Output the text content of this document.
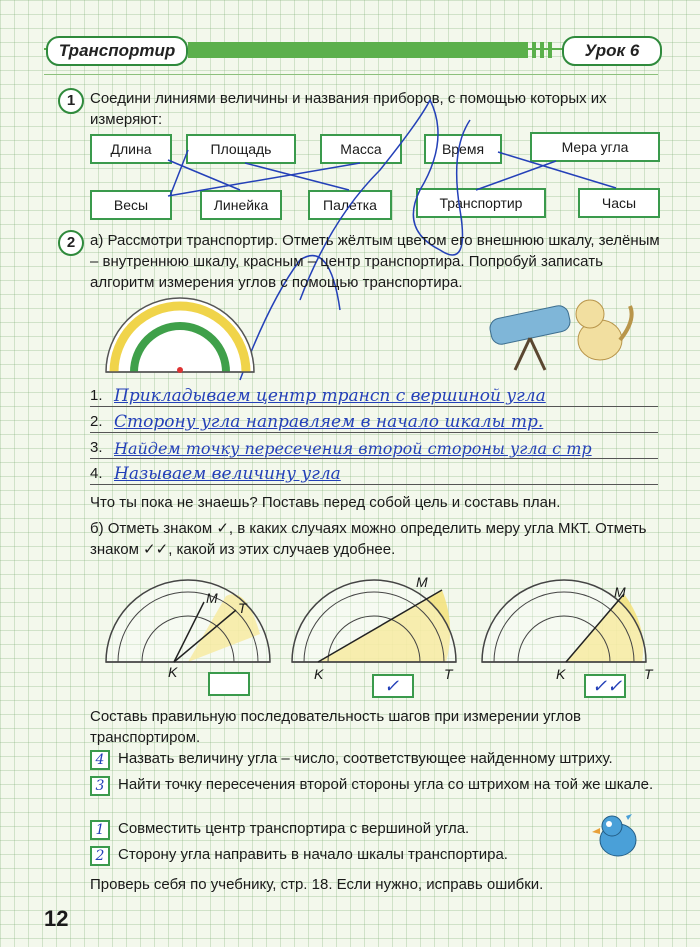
Транспортир	Урок 6
1 Соедини линиями величины и названия приборов, с помощью которых их измеряют:
Длина	Площадь	Масса	Время	Мера угла
Весы	Линейка	Палетка	Транспортир	Часы
2 а) Рассмотри транспортир. Отметь жёлтым цветом его внешнюю шкалу, зелёным – внутреннюю шкалу, красным – центр транспортира. Попробуй записать алгоритм измерения углов с помощью транспортира.
1. Прикладываем центр трансп с вершиной угла
2. Сторону угла направляем в начало шкалы тр.
3. Найдем точку пересечения второй стороны угла с тр
4. Называем величину угла
Что ты пока не знаешь? Поставь перед собой цель и составь план.
б) Отметь знаком ✓, в каких случаях можно определить меру угла МКТ. Отметь знаком ✓✓, какой из этих случаев удобнее.
M
K
T
M
K	T
M
K	T
✓	✓✓
Составь правильную последовательность шагов при измерении углов транспортиром.
4 Назвать величину угла – число, соответствующее найденному штриху.
3 Найти точку пересечения второй стороны угла со штрихом на той же шкале.
1 Совместить центр транспортира с вершиной угла.
2 Сторону угла направить в начало шкалы транспортира.
Проверь себя по учебнику, стр. 18. Если нужно, исправь ошибки.
12
